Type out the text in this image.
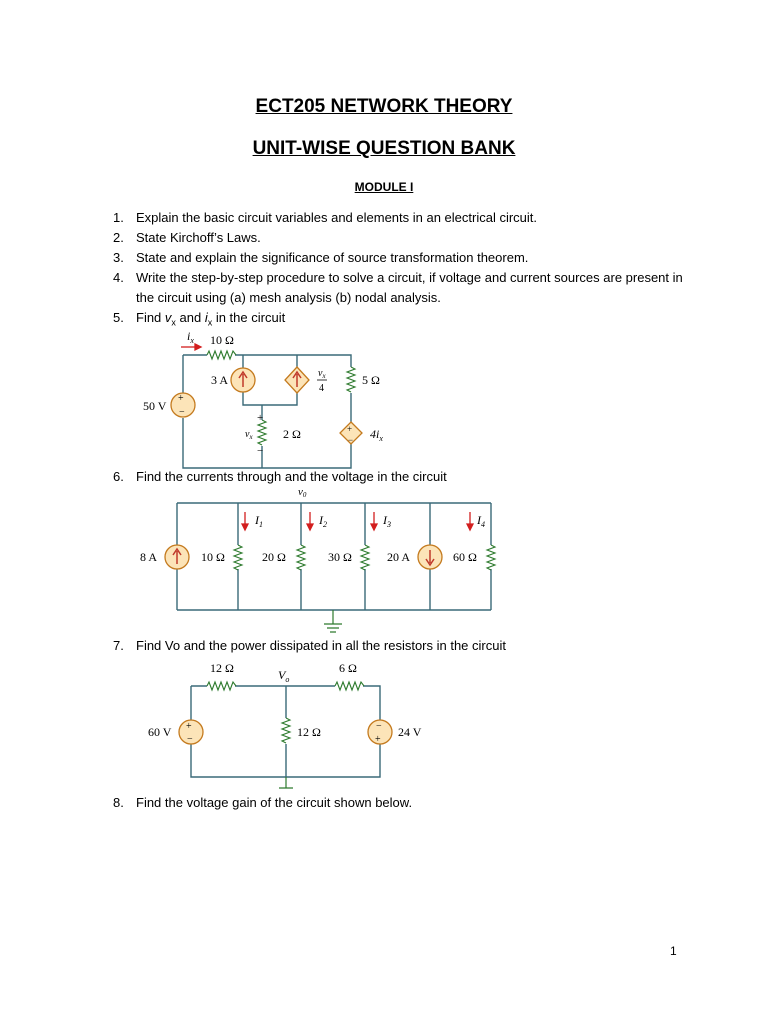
ECT205 NETWORK THEORY
UNIT-WISE QUESTION BANK
MODULE I
1. Explain the basic circuit variables and elements in an electrical circuit.
2. State Kirchoff’s Laws.
3. State and explain the significance of source transformation theorem.
4. Write the step-by-step procedure to solve a circuit, if voltage and current sources are present in the circuit using (a) mesh analysis (b) nodal analysis.
5. Find $v_x$ and $i_x$ in the circuit
6. Find the currents through and the voltage in the circuit
7. Find Vo and the power dissipated in all the resistors in the circuit
8. Find the voltage gain of the circuit shown below.
+
−
+
−
$i_x$ 10 Ω
50 V
3 A	$v_x$
4
5 Ω
2 Ω
+
−
$v_x$	$4i_x$
v0
$I_1$	$I_2$	$I_3$	$I_4$
8 A	10 Ω	20 Ω	30 Ω	20 A	60 Ω
+
−
−
+
12 Ω	6 Ω
$V_o$
60 V	12 Ω	24 V
1
